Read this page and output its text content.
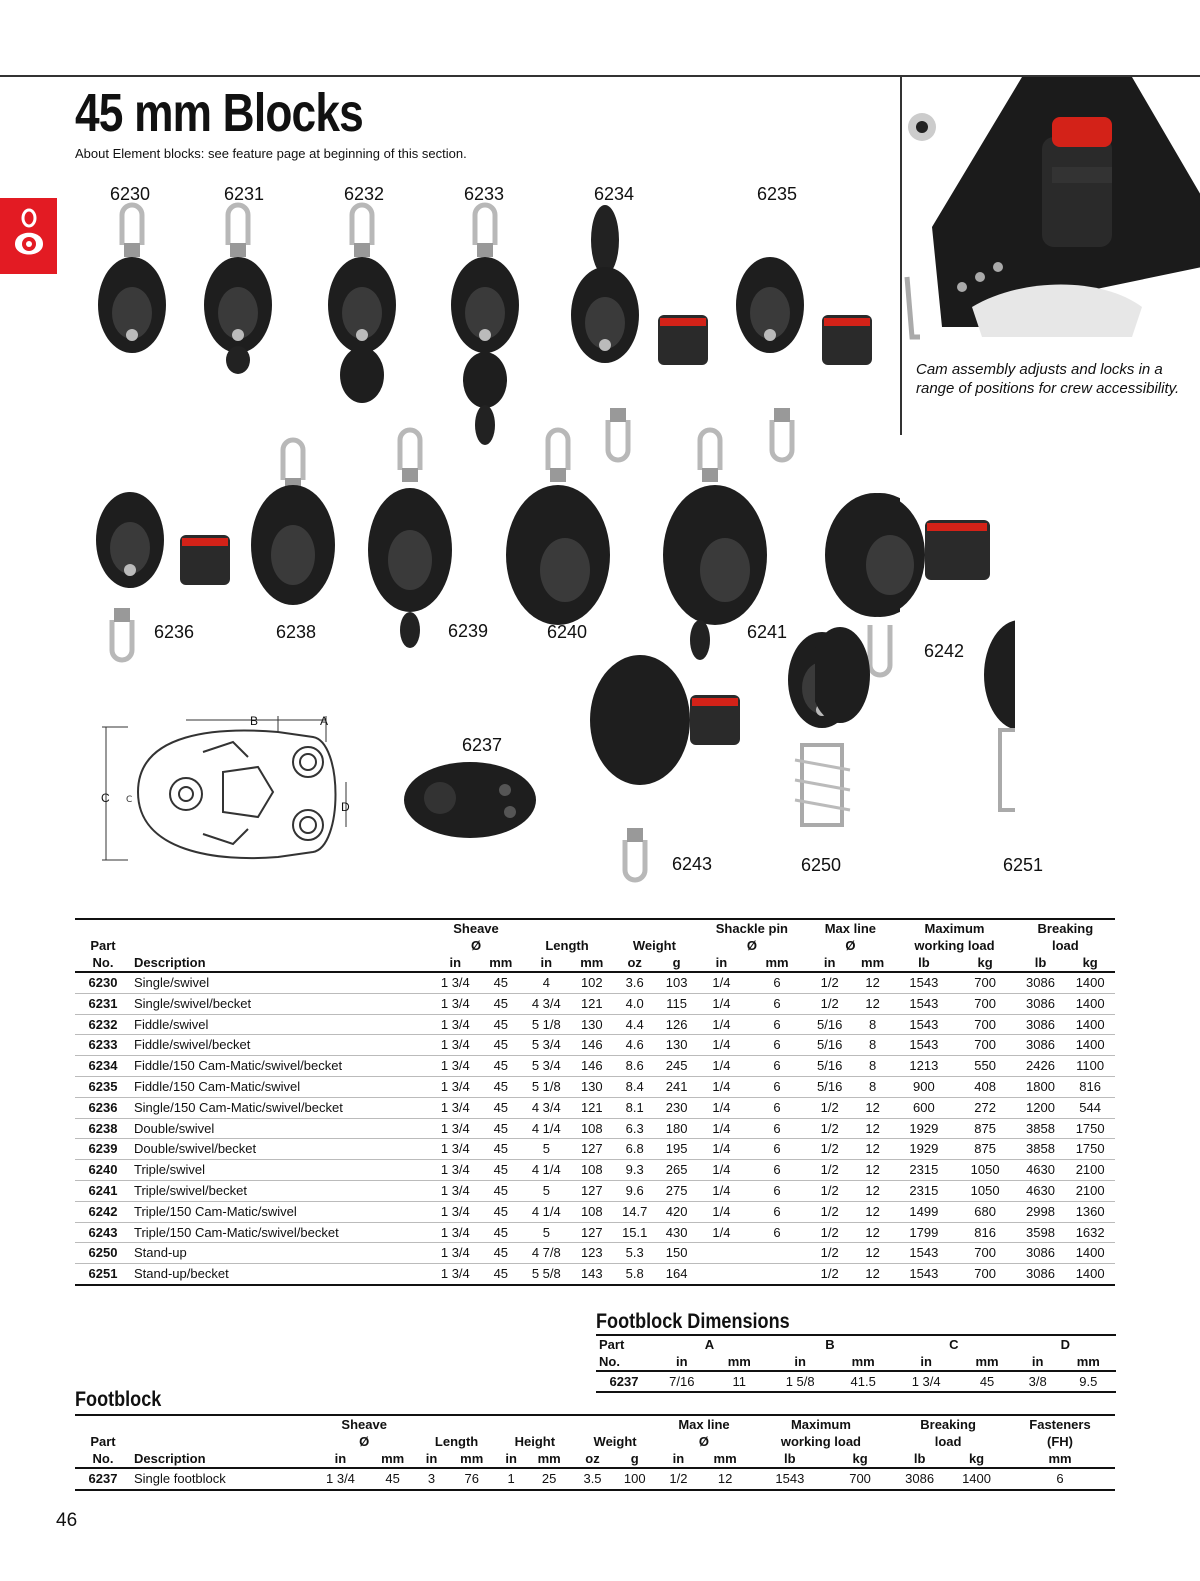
45 mm Blocks
About Element blocks: see feature page at beginning of this section.
Cam assembly adjusts and locks in a range of positions for crew accessibility.
C
B	A
C
D
6230	6231	6232	6233	6234	6235
6236	6238	6239	6240	6241
6242
6237
6243	6250	6251
			Sheave						Shackle pin		Max line		Maximum		Breaking	
Part			Ø		Length		Weight		Ø		Ø		working load		load	
No.	Description		in	mm	in	mm	oz	g	in	mm	in	mm	lb	kg	lb	kg
6230	Single/swivel		1 3/4	45	4	102	3.6	103	1/4	6	1/2	12	1543	700	3086	1400
6231	Single/swivel/becket		1 3/4	45	4 3/4	121	4.0	115	1/4	6	1/2	12	1543	700	3086	1400
6232	Fiddle/swivel		1 3/4	45	5 1/8	130	4.4	126	1/4	6	5/16	8	1543	700	3086	1400
6233	Fiddle/swivel/becket		1 3/4	45	5 3/4	146	4.6	130	1/4	6	5/16	8	1543	700	3086	1400
6234	Fiddle/150 Cam-Matic/swivel/becket		1 3/4	45	5 3/4	146	8.6	245	1/4	6	5/16	8	1213	550	2426	1100
6235	Fiddle/150 Cam-Matic/swivel		1 3/4	45	5 1/8	130	8.4	241	1/4	6	5/16	8	900	408	1800	816
6236	Single/150 Cam-Matic/swivel/becket		1 3/4	45	4 3/4	121	8.1	230	1/4	6	1/2	12	600	272	1200	544
6238	Double/swivel		1 3/4	45	4 1/4	108	6.3	180	1/4	6	1/2	12	1929	875	3858	1750
6239	Double/swivel/becket		1 3/4	45	5	127	6.8	195	1/4	6	1/2	12	1929	875	3858	1750
6240	Triple/swivel		1 3/4	45	4 1/4	108	9.3	265	1/4	6	1/2	12	2315	1050	4630	2100
6241	Triple/swivel/becket		1 3/4	45	5	127	9.6	275	1/4	6	1/2	12	2315	1050	4630	2100
6242	Triple/150 Cam-Matic/swivel		1 3/4	45	4 1/4	108	14.7	420	1/4	6	1/2	12	1499	680	2998	1360
6243	Triple/150 Cam-Matic/swivel/becket		1 3/4	45	5	127	15.1	430	1/4	6	1/2	12	1799	816	3598	1632
6250	Stand-up		1 3/4	45	4 7/8	123	5.3	150			1/2	12	1543	700	3086	1400
6251	Stand-up/becket		1 3/4	45	5 5/8	143	5.8	164			1/2	12	1543	700	3086	1400
Footblock Dimensions
Part	A		B		C		D	
No.	in	mm	in	mm	in	mm	in	mm
6237	7/16	11	1 5/8	41.5	1 3/4	45	3/8	9.5
Footblock
		Sheave								Max line		Maximum		Breaking		Fasteners
Part		Ø		Length		Height		Weight		Ø		working load		load		(FH)
No.	Description	in	mm	in	mm	in	mm	oz	g	in	mm	lb	kg	lb	kg	mm
6237	Single footblock	1 3/4	45	3	76	1	25	3.5	100	1/2	12	1543	700	3086	1400	6
46
